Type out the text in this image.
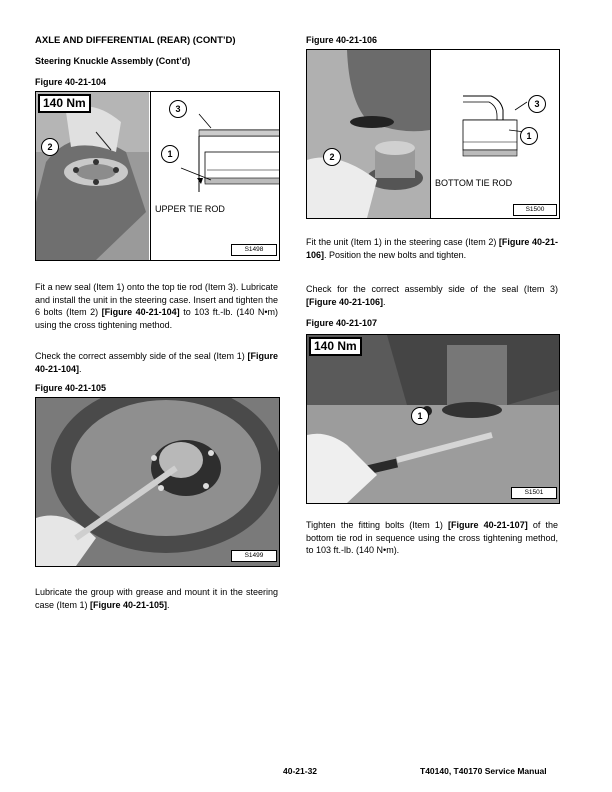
AXLE AND DIFFERENTIAL (REAR) (CONT’D)
Steering Knuckle Assembly (Cont’d)
Figure 40-21-104
140 Nm
2
3
1
UPPER TIE ROD
S1498
Fit a new seal (Item 1) onto the top tie rod (Item 3). Lubricate and install the unit in the steering case. Insert and tighten the 6 bolts (Item 2) [Figure 40-21-104] to 103 ft.-lb. (140 N•m) using the cross tightening method.
Check the correct assembly side of the seal (Item 1) [Figure 40-21-104].
Figure 40-21-105
S1499
Lubricate the group with grease and mount it in the steering case (Item 1) [Figure 40-21-105].
Figure 40-21-106
2
3
1
BOTTOM TIE ROD
S1500
Fit the unit (Item 1) in the steering case (Item 2) [Figure 40-21-106]. Position the new bolts and tighten.
Check for the correct assembly side of the seal (Item 3) [Figure 40-21-106].
Figure 40-21-107
140 Nm
1
S1501
Tighten the fitting bolts (Item 1) [Figure 40-21-107] of the bottom tie rod in sequence using the cross tightening method, to 103 ft.-lb. (140 N•m).
40-21-32	T40140, T40170 Service Manual
